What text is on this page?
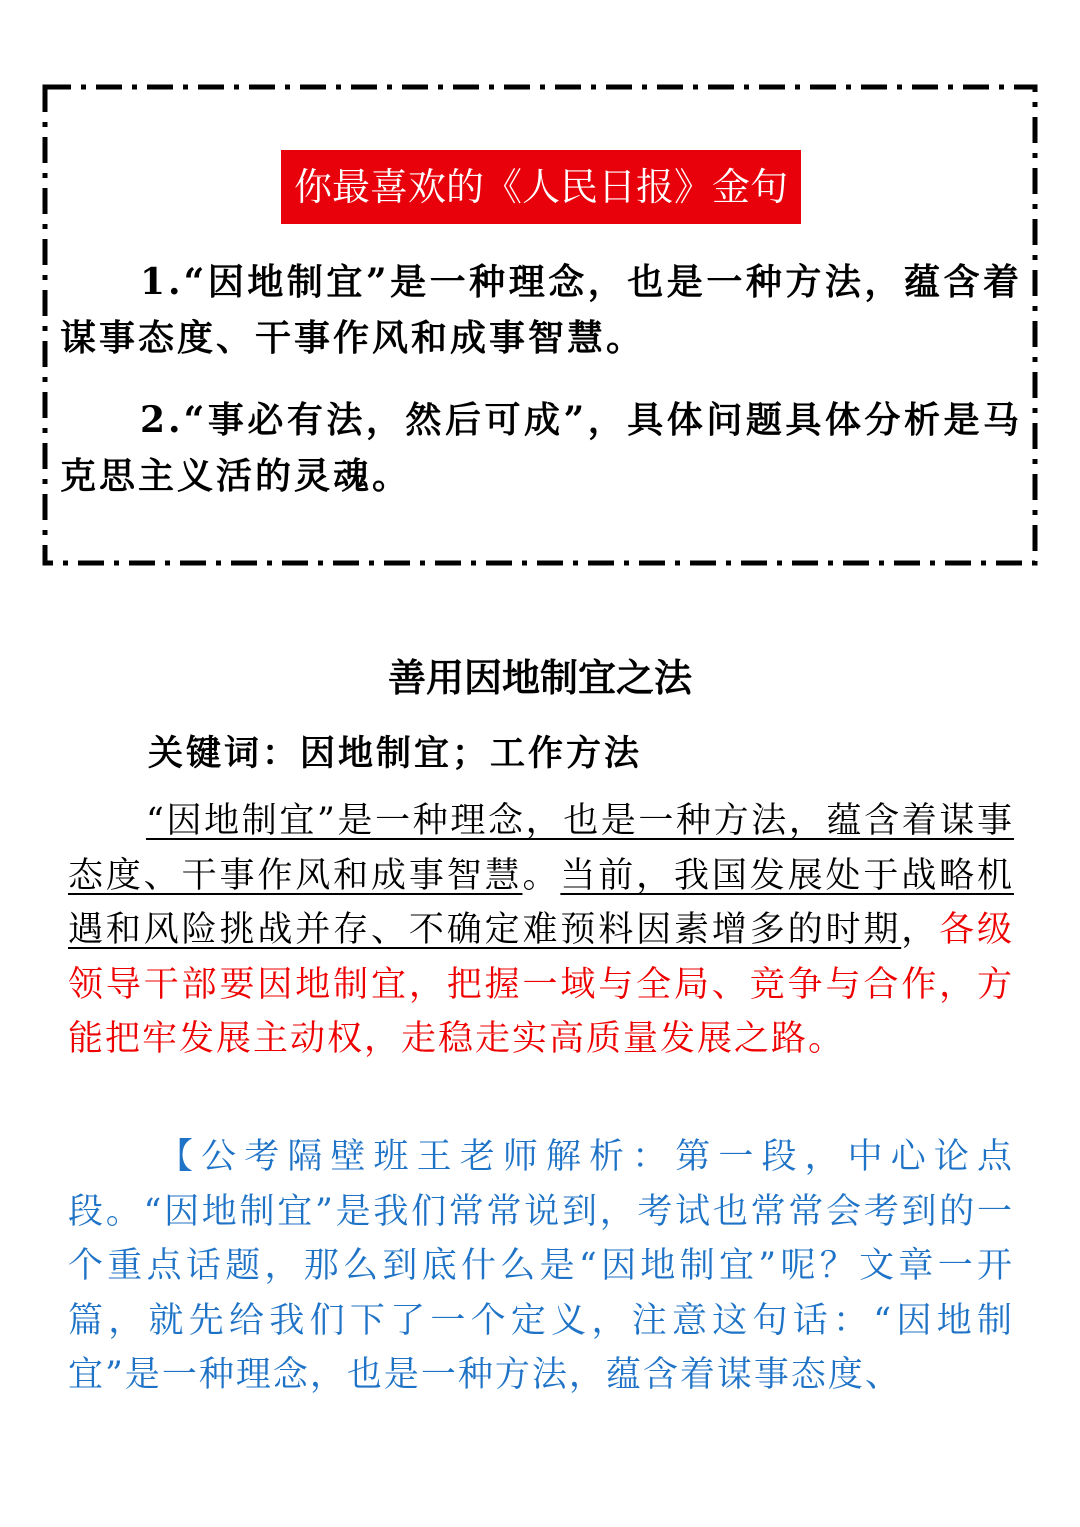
你最喜欢的《人民日报》金句
1.“因地制宜”是一种理念，也是一种方法，蕴含着谋事态度、干事作风和成事智慧。
2.“事必有法，然后可成”，具体问题具体分析是马克思主义活的灵魂。
善用因地制宜之法
关键词：因地制宜；工作方法
“因地制宜”是一种理念，也是一种方法，蕴含着谋事态度、干事作风和成事智慧。当前，我国发展处于战略机遇和风险挑战并存、不确定难预料因素增多的时期，各级领导干部要因地制宜，把握一域与全局、竞争与合作，方能把牢发展主动权，走稳走实高质量发展之路。
【公考隔壁班王老师解析：第一段，中心论点段。“因地制宜”是我们常常说到，考试也常常会考到的一个重点话题，那么到底什么是“因地制宜”呢？文章一开篇，就先给我们下了一个定义，注意这句话：“因地制宜”是一种理念，也是一种方法，蕴含着谋事态度、
